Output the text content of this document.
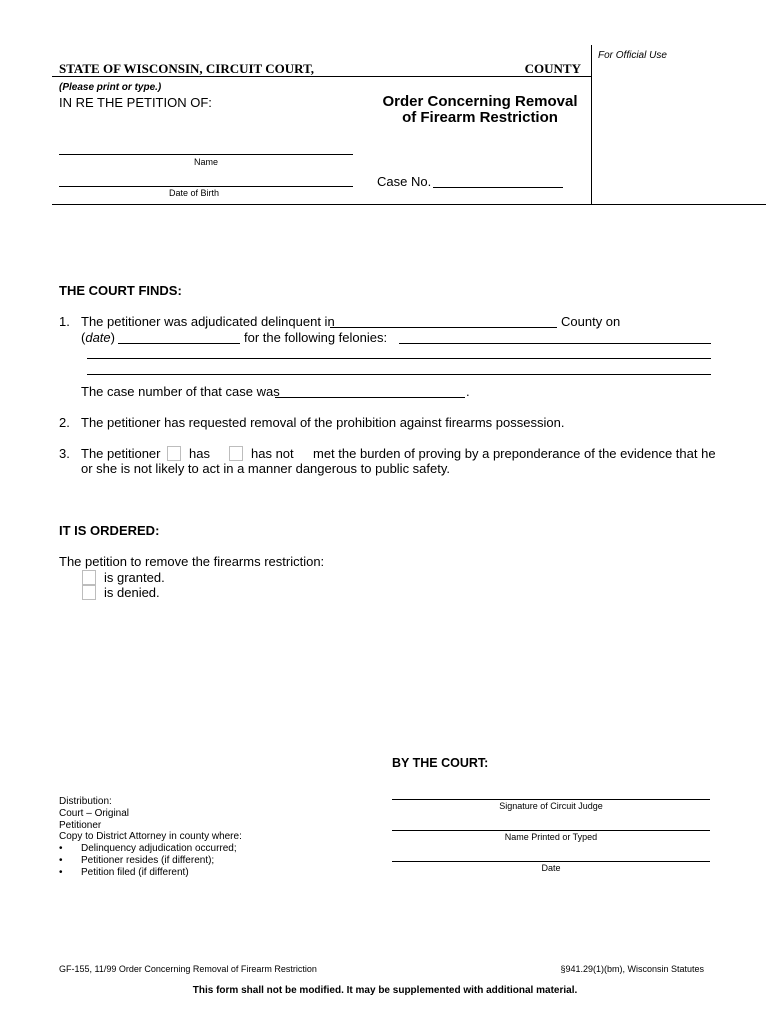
STATE OF WISCONSIN, CIRCUIT COURT,	COUNTY
For Official Use
(Please print or type.)
IN RE THE PETITION OF:	Order Concerning Removal
of Firearm Restriction
Name
Date of Birth
Case No.
THE COURT FINDS:
1. The petitioner was adjudicated delinquent in	County on
(date)	for the following felonies:
The case number of that case was	.
2. The petitioner has requested removal of the prohibition against firearms possession.
3. The petitioner has	has not met the burden of proving by a preponderance of the evidence that he
or she is not likely to act in a manner dangerous to public safety.
IT IS ORDERED:
The petition to remove the firearms restriction:
is granted.
is denied.
BY THE COURT:
Signature of Circuit Judge
Name Printed or Typed
Date
Distribution:
Court – Original
Petitioner
Copy to District Attorney in county where:
• Delinquency adjudication occurred;
• Petitioner resides (if different);
• Petition filed (if different)
GF-155, 11/99 Order Concerning Removal of Firearm Restriction	§941.29(1)(bm), Wisconsin Statutes
This form shall not be modified. It may be supplemented with additional material.
